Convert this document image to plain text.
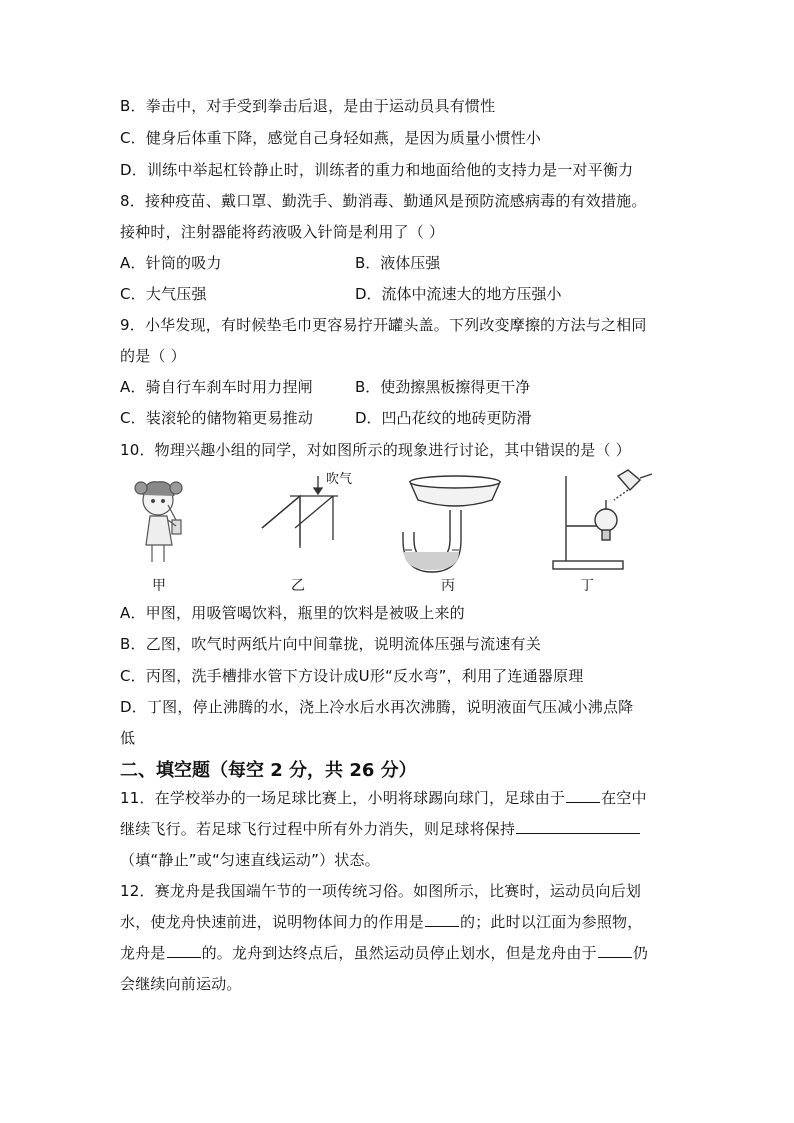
B．拳击中，对手受到拳击后退，是由于运动员具有惯性
C．健身后体重下降，感觉自己身轻如燕，是因为质量小惯性小
D．训练中举起杠铃静止时，训练者的重力和地面给他的支持力是一对平衡力
8．接种疫苗、戴口罩、勤洗手、勤消毒、勤通风是预防流感病毒的有效措施。
接种时，注射器能将药液吸入针筒是利用了（ ）
A．针筒的吸力	B．液体压强
C．大气压强	D．流体中流速大的地方压强小
9．小华发现，有时候垫毛巾更容易拧开罐头盖。下列改变摩擦的方法与之相同
的是（ ）
A．骑自行车刹车时用力捏闸	B．使劲擦黑板擦得更干净
C．装滚轮的储物箱更易推动	D．凹凸花纹的地砖更防滑
10．物理兴趣小组的同学，对如图所示的现象进行讨论，其中错误的是（ ）
吹气
甲	乙	丙	丁
A．甲图，用吸管喝饮料，瓶里的饮料是被吸上来的
B．乙图，吹气时两纸片向中间靠拢，说明流体压强与流速有关
C．丙图，洗手槽排水管下方设计成U形“反水弯”，利用了连通器原理
D．丁图，停止沸腾的水，浇上冷水后水再次沸腾，说明液面气压减小沸点降
低
二、填空题（每空 2 分，共 26 分）
11．在学校举办的一场足球比赛上，小明将球踢向球门，足球由于 在空中
继续飞行。若足球飞行过程中所有外力消失，则足球将保持
（填“静止”或“匀速直线运动”）状态。
12．赛龙舟是我国端午节的一项传统习俗。如图所示，比赛时，运动员向后划
水，使龙舟快速前进，说明物体间力的作用是 的；此时以江面为参照物，
龙舟是 的。龙舟到达终点后，虽然运动员停止划水，但是龙舟由于 仍
会继续向前运动。
